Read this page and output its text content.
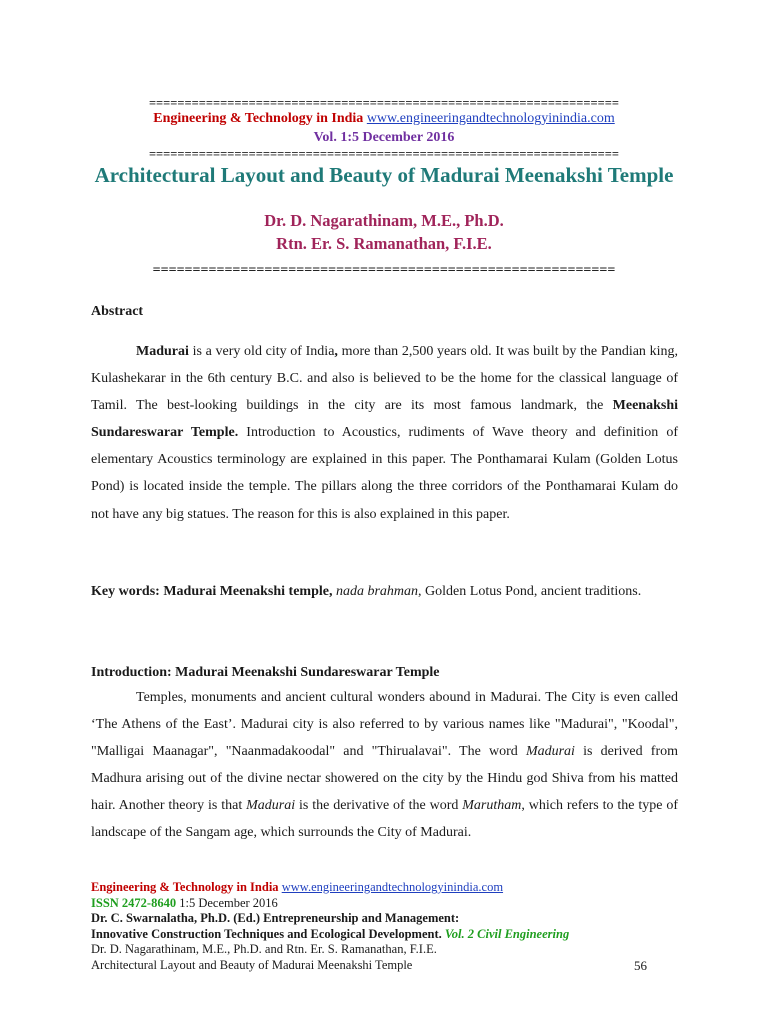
==================================================================
Engineering & Technology in India www.engineeringandtechnologyinindia.com
Vol. 1:5 December 2016
==================================================================
Architectural Layout and Beauty of Madurai Meenakshi Temple
Dr. D. Nagarathinam, M.E., Ph.D.
Rtn. Er. S. Ramanathan, F.I.E.
==========================================================
Abstract
Madurai is a very old city of India, more than 2,500 years old. It was built by the Pandian king, Kulashekarar in the 6th century B.C. and also is believed to be the home for the classical language of Tamil. The best-looking buildings in the city are its most famous landmark, the Meenakshi Sundareswarar Temple. Introduction to Acoustics, rudiments of Wave theory and definition of elementary Acoustics terminology are explained in this paper. The Ponthamarai Kulam (Golden Lotus Pond) is located inside the temple. The pillars along the three corridors of the Ponthamarai Kulam do not have any big statues. The reason for this is also explained in this paper.
Key words: Madurai Meenakshi temple, nada brahman, Golden Lotus Pond, ancient traditions.
Introduction: Madurai Meenakshi Sundareswarar Temple
Temples, monuments and ancient cultural wonders abound in Madurai. The City is even called ‘The Athens of the East’. Madurai city is also referred to by various names like "Madurai", "Koodal", "Malligai Maanagar", "Naanmadakoodal" and "Thirualavai". The word Madurai is derived from Madhura arising out of the divine nectar showered on the city by the Hindu god Shiva from his matted hair. Another theory is that Madurai is the derivative of the word Marutham, which refers to the type of landscape of the Sangam age, which surrounds the City of Madurai.
Engineering & Technology in India www.engineeringandtechnologyinindia.com
ISSN 2472-8640 1:5 December 2016
Dr. C. Swarnalatha, Ph.D. (Ed.) Entrepreneurship and Management:
Innovative Construction Techniques and Ecological Development. Vol. 2 Civil Engineering
Dr. D. Nagarathinam, M.E., Ph.D. and Rtn. Er. S. Ramanathan, F.I.E.
Architectural Layout and Beauty of Madurai Meenakshi Temple	56
